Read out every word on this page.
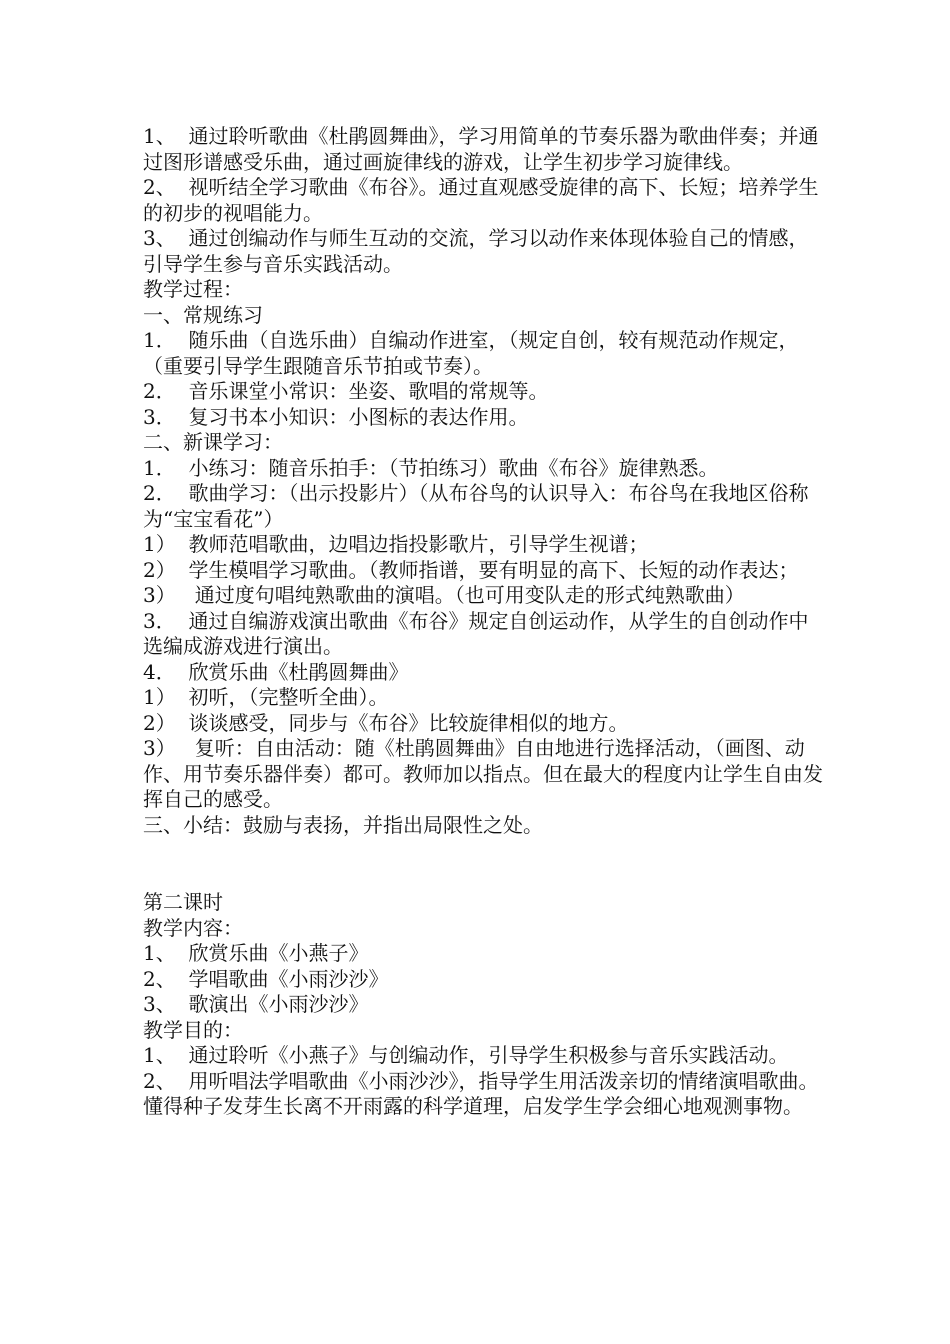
1、  通过聆听歌曲《杜鹃圆舞曲》，学习用简单的节奏乐器为歌曲伴奏；并通过图形谱感受乐曲，通过画旋律线的游戏，让学生初步学习旋律线。

2、  视听结全学习歌曲《布谷》。通过直观感受旋律的高下、长短；培养学生的初步的视唱能力。

3、  通过创编动作与师生互动的交流，学习以动作来体现体验自己的情感，引导学生参与音乐实践活动。

教学过程：

一、常规练习

1．  随乐曲（自选乐曲）自编动作进室，（规定自创，较有规范动作规定，（重要引导学生跟随音乐节拍或节奏）。

2．  音乐课堂小常识：坐姿、歌唱的常规等。

3．  复习书本小知识：小图标的表达作用。

二、新课学习：

1．  小练习：随音乐拍手：（节拍练习）歌曲《布谷》旋律熟悉。

2．  歌曲学习：（出示投影片）（从布谷鸟的认识导入：布谷鸟在我地区俗称为“宝宝看花”）

1）  教师范唱歌曲，边唱边指投影歌片，引导学生视谱；

2）  学生模唱学习歌曲。（教师指谱，要有明显的高下、长短的动作表达；

3）   通过度句唱纯熟歌曲的演唱。（也可用变队走的形式纯熟歌曲）

3．  通过自编游戏演出歌曲《布谷》规定自创运动作，从学生的自创动作中选编成游戏进行演出。

4．  欣赏乐曲《杜鹃圆舞曲》

1）  初听，（完整听全曲）。

2）  谈谈感受，同步与《布谷》比较旋律相似的地方。

3）   复听：自由活动：随《杜鹃圆舞曲》自由地进行选择活动，（画图、动作、用节奏乐器伴奏）都可。教师加以指点。但在最大的程度内让学生自由发挥自己的感受。

三、小结：鼓励与表扬，并指出局限性之处。

第二课时

教学内容：

1、  欣赏乐曲《小燕子》

2、  学唱歌曲《小雨沙沙》

3、  歌演出《小雨沙沙》

教学目的：

1、  通过聆听《小燕子》与创编动作，引导学生积极参与音乐实践活动。

2、  用听唱法学唱歌曲《小雨沙沙》，指导学生用活泼亲切的情绪演唱歌曲。懂得种子发芽生长离不开雨露的科学道理，启发学生学会细心地观测事物。
